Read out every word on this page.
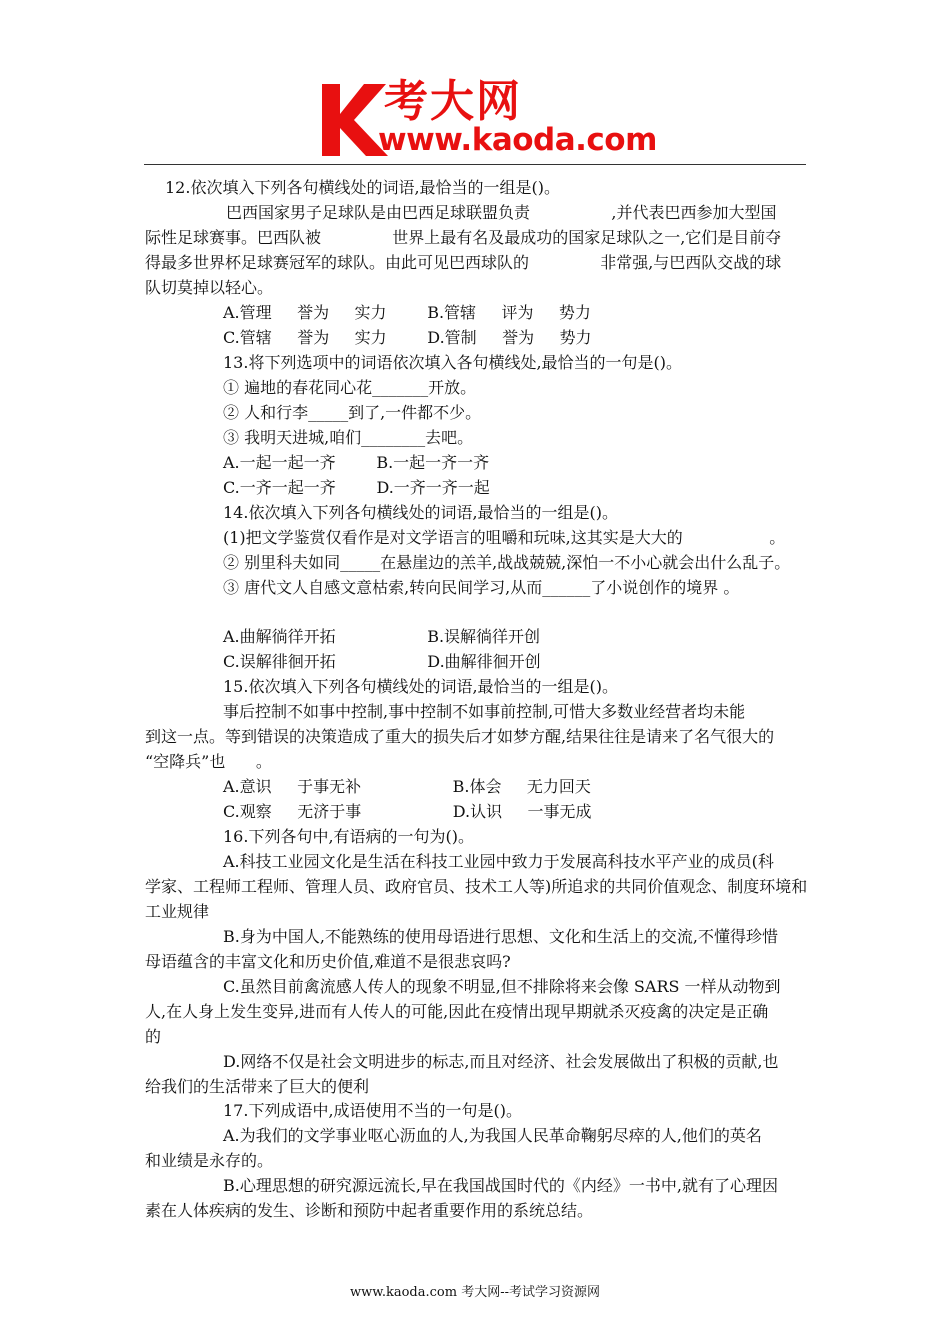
考大网
www.kaoda.com
12.依次填入下列各句横线处的词语,最恰当的一组是()。
巴西国家男子足球队是由巴西足球联盟负责                ,并代表巴西参加大型国
际性足球赛事。巴西队被              世界上最有名及最成功的国家足球队之一,它们是目前夺
得最多世界杯足球赛冠军的球队。由此可见巴西球队的              非常强,与巴西队交战的球
队切莫掉以轻心。
A.管理     誉为     实力        B.管辖     评为     势力
C.管辖     誉为     实力        D.管制     誉为     势力
13.将下列选项中的词语依次填入各句横线处,最恰当的一句是()。
① 遍地的春花同心花_______开放。
② 人和行李_____到了,一件都不少。
③ 我明天进城,咱们________去吧。
A.一起一起一齐        B.一起一齐一齐
C.一齐一起一齐        D.一齐一齐一起
14.依次填入下列各句横线处的词语,最恰当的一组是()。
(1)把文学鉴赏仅看作是对文学语言的咀嚼和玩味,这其实是大大的                 。
② 别里科夫如同_____在悬崖边的羔羊,战战兢兢,深怕一不小心就会出什么乱子。
③ 唐代文人自感文意枯索,转向民间学习,从而______了小说创作的境界 。
A.曲解徜徉开拓                  B.误解徜徉开创
C.误解徘徊开拓                  D.曲解徘徊开创
15.依次填入下列各句横线处的词语,最恰当的一组是()。
事后控制不如事中控制,事中控制不如事前控制,可惜大多数业经营者均未能
到这一点。等到错误的决策造成了重大的损失后才如梦方醒,结果往往是请来了名气很大的
“空降兵”也      。
A.意识     于事无补                  B.体会     无力回天
C.观察     无济于事                  D.认识     一事无成
16.下列各句中,有语病的一句为()。
A.科技工业园文化是生活在科技工业园中致力于发展高科技水平产业的成员(科
学家、工程师工程师、管理人员、政府官员、技术工人等)所追求的共同价值观念、制度环境和
工业规律
B.身为中国人,不能熟练的使用母语进行思想、文化和生活上的交流,不懂得珍惜
母语蕴含的丰富文化和历史价值,难道不是很悲哀吗?
C.虽然目前禽流感人传人的现象不明显,但不排除将来会像 SARS 一样从动物到
人,在人身上发生变异,进而有人传人的可能,因此在疫情出现早期就杀灭疫禽的决定是正确
的
D.网络不仅是社会文明进步的标志,而且对经济、社会发展做出了积极的贡献,也
给我们的生活带来了巨大的便利
17.下列成语中,成语使用不当的一句是()。
A.为我们的文学事业呕心沥血的人,为我国人民革命鞠躬尽瘁的人,他们的英名
和业绩是永存的。
B.心理思想的研究源远流长,早在我国战国时代的《内经》一书中,就有了心理因
素在人体疾病的发生、诊断和预防中起者重要作用的系统总结。
www.kaoda.com 考大网--考试学习资源网
